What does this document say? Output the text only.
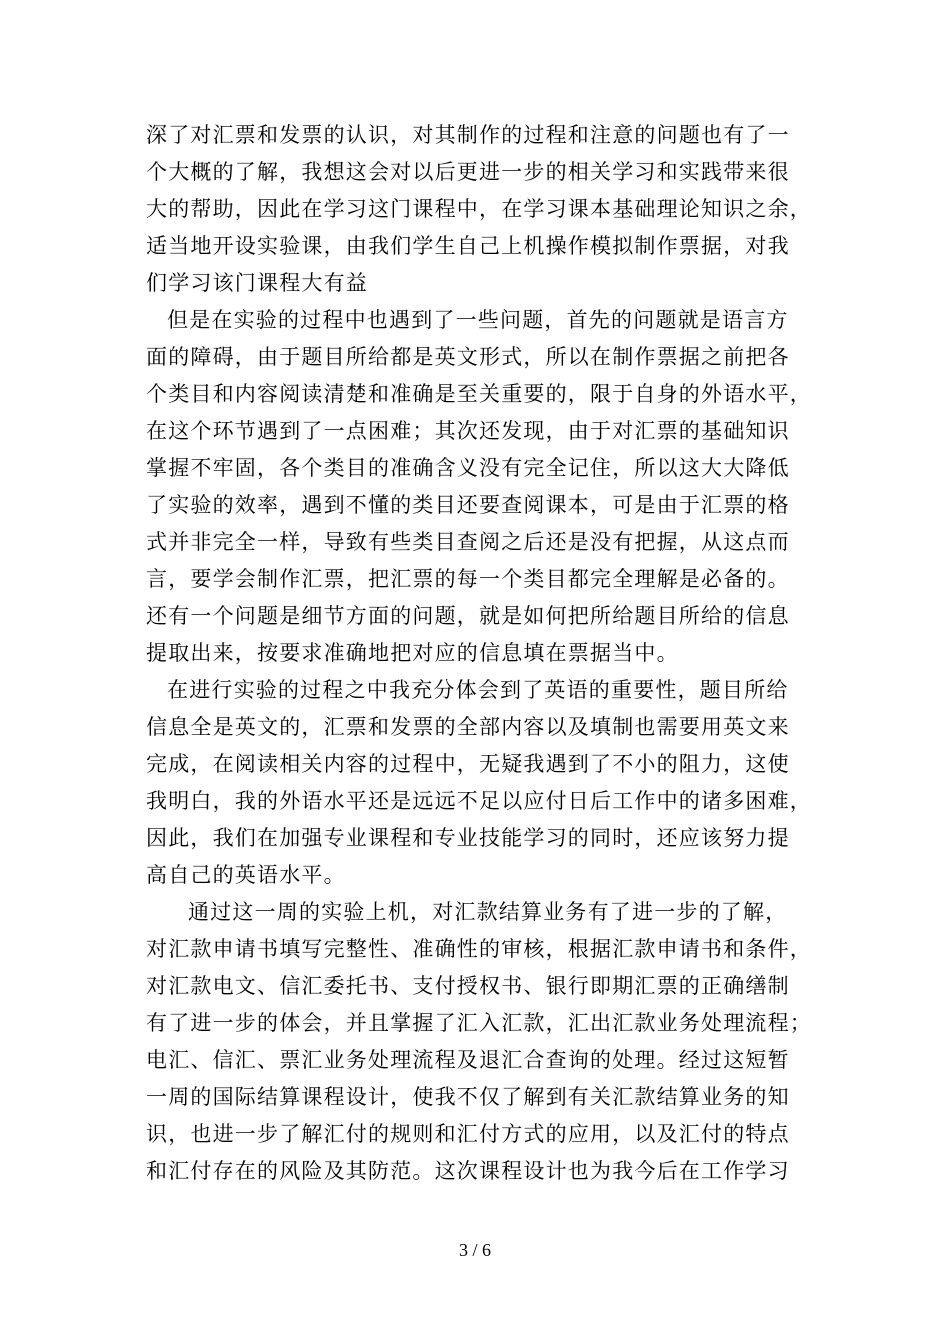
深了对汇票和发票的认识，对其制作的过程和注意的问题也有了一
个大概的了解，我想这会对以后更进一步的相关学习和实践带来很
大的帮助，因此在学习这门课程中，在学习课本基础理论知识之余，
适当地开设实验课，由我们学生自己上机操作模拟制作票据，对我
们学习该门课程大有益
但是在实验的过程中也遇到了一些问题，首先的问题就是语言方
面的障碍，由于题目所给都是英文形式，所以在制作票据之前把各
个类目和内容阅读清楚和准确是至关重要的，限于自身的外语水平，
在这个环节遇到了一点困难；其次还发现，由于对汇票的基础知识
掌握不牢固，各个类目的准确含义没有完全记住，所以这大大降低
了实验的效率，遇到不懂的类目还要查阅课本，可是由于汇票的格
式并非完全一样，导致有些类目查阅之后还是没有把握，从这点而
言，要学会制作汇票，把汇票的每一个类目都完全理解是必备的。
还有一个问题是细节方面的问题，就是如何把所给题目所给的信息
提取出来，按要求准确地把对应的信息填在票据当中。
在进行实验的过程之中我充分体会到了英语的重要性，题目所给
信息全是英文的，汇票和发票的全部内容以及填制也需要用英文来
完成，在阅读相关内容的过程中，无疑我遇到了不小的阻力，这使
我明白，我的外语水平还是远远不足以应付日后工作中的诸多困难，
因此，我们在加强专业课程和专业技能学习的同时，还应该努力提
高自己的英语水平。
通过这一周的实验上机，对汇款结算业务有了进一步的了解，
对汇款申请书填写完整性、准确性的审核，根据汇款申请书和条件，
对汇款电文、信汇委托书、支付授权书、银行即期汇票的正确缮制
有了进一步的体会，并且掌握了汇入汇款，汇出汇款业务处理流程；
电汇、信汇、票汇业务处理流程及退汇合查询的处理。经过这短暂
一周的国际结算课程设计，使我不仅了解到有关汇款结算业务的知
识，也进一步了解汇付的规则和汇付方式的应用，以及汇付的特点
和汇付存在的风险及其防范。这次课程设计也为我今后在工作学习
3 / 6
